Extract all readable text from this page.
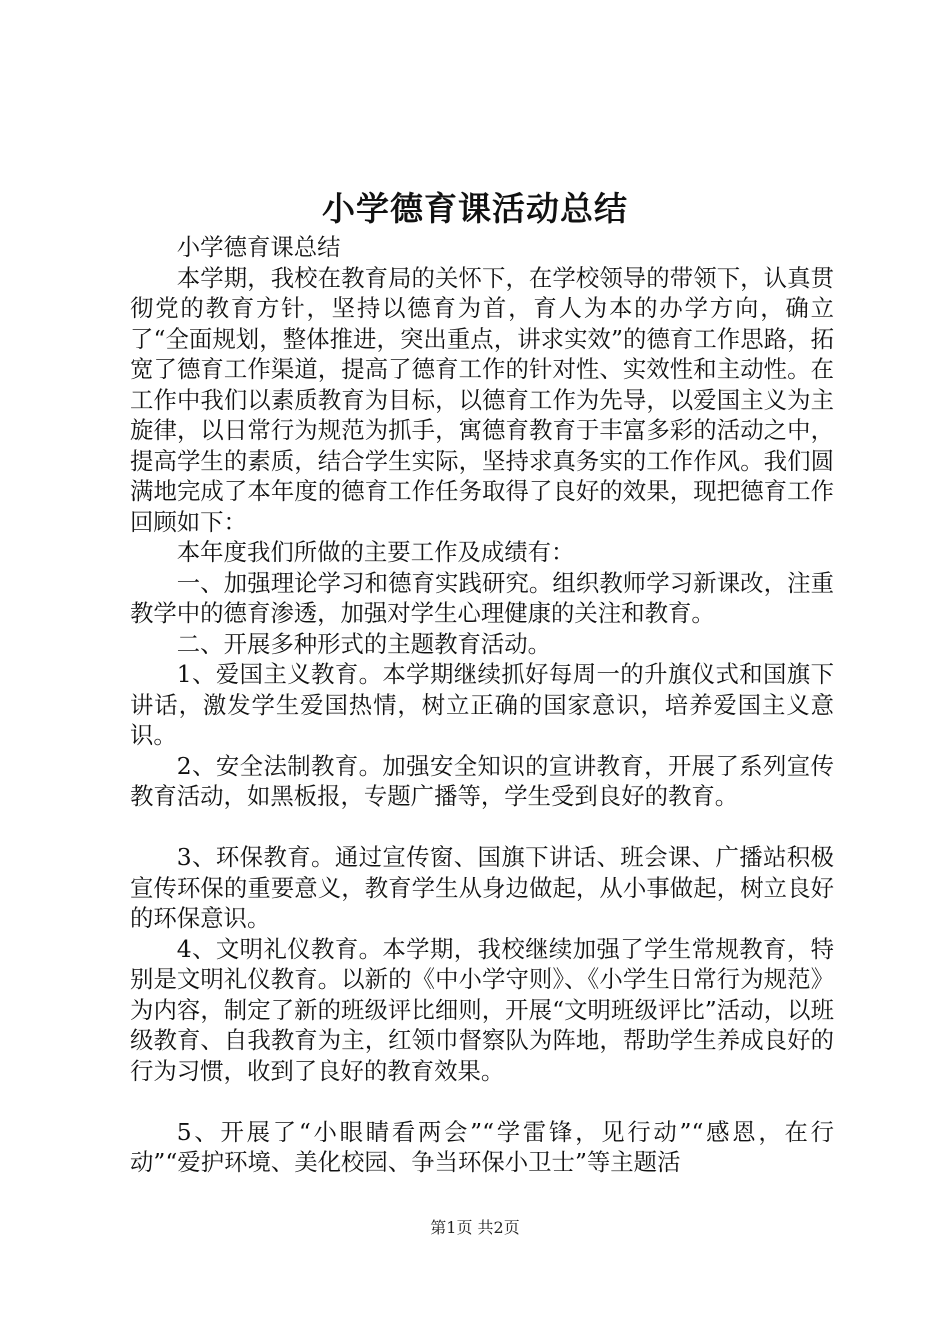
小学德育课活动总结

小学德育课总结

本学期，我校在教育局的关怀下，在学校领导的带领下，认真贯彻党的教育方针，坚持以德育为首，育人为本的办学方向，确立了“全面规划，整体推进，突出重点，讲求实效”的德育工作思路，拓宽了德育工作渠道，提高了德育工作的针对性、实效性和主动性。在工作中我们以素质教育为目标，以德育工作为先导，以爱国主义为主旋律，以日常行为规范为抓手，寓德育教育于丰富多彩的活动之中，提高学生的素质，结合学生实际，坚持求真务实的工作作风。我们圆满地完成了本年度的德育工作任务取得了良好的效果，现把德育工作回顾如下：

本年度我们所做的主要工作及成绩有：

一、加强理论学习和德育实践研究。组织教师学习新课改，注重教学中的德育渗透，加强对学生心理健康的关注和教育。

二、开展多种形式的主题教育活动。

1、爱国主义教育。本学期继续抓好每周一的升旗仪式和国旗下讲话，激发学生爱国热情，树立正确的国家意识，培养爱国主义意识。

2、安全法制教育。加强安全知识的宣讲教育，开展了系列宣传教育活动，如黑板报，专题广播等，学生受到良好的教育。

3、环保教育。通过宣传窗、国旗下讲话、班会课、广播站积极宣传环保的重要意义，教育学生从身边做起，从小事做起，树立良好的环保意识。

4、文明礼仪教育。本学期，我校继续加强了学生常规教育，特别是文明礼仪教育。以新的《中小学守则》、《小学生日常行为规范》为内容，制定了新的班级评比细则，开展“文明班级评比”活动，以班级教育、自我教育为主，红领巾督察队为阵地，帮助学生养成良好的行为习惯，收到了良好的教育效果。

5、开展了“小眼睛看两会”“学雷锋，见行动”“感恩，在行动”“爱护环境、美化校园、争当环保小卫士”等主题活

第1页 共2页
